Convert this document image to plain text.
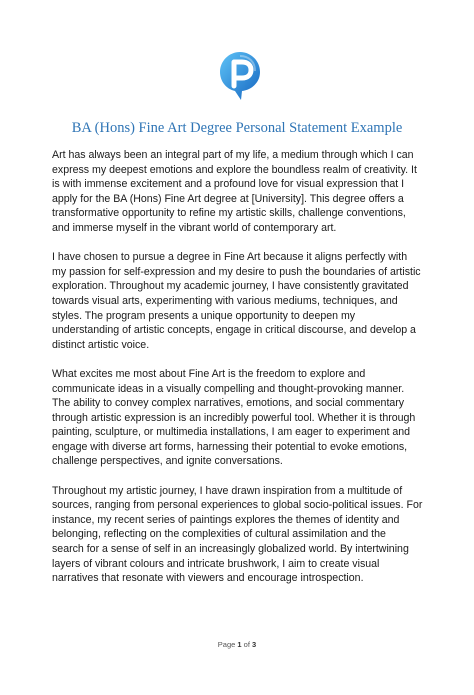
BA (Hons) Fine Art Degree Personal Statement Example
Art has always been an integral part of my life, a medium through which I can
express my deepest emotions and explore the boundless realm of creativity. It
is with immense excitement and a profound love for visual expression that I
apply for the BA (Hons) Fine Art degree at [University]. This degree offers a
transformative opportunity to refine my artistic skills, challenge conventions,
and immerse myself in the vibrant world of contemporary art.
I have chosen to pursue a degree in Fine Art because it aligns perfectly with
my passion for self-expression and my desire to push the boundaries of artistic
exploration. Throughout my academic journey, I have consistently gravitated
towards visual arts, experimenting with various mediums, techniques, and
styles. The program presents a unique opportunity to deepen my
understanding of artistic concepts, engage in critical discourse, and develop a
distinct artistic voice.
What excites me most about Fine Art is the freedom to explore and
communicate ideas in a visually compelling and thought-provoking manner.
The ability to convey complex narratives, emotions, and social commentary
through artistic expression is an incredibly powerful tool. Whether it is through
painting, sculpture, or multimedia installations, I am eager to experiment and
engage with diverse art forms, harnessing their potential to evoke emotions,
challenge perspectives, and ignite conversations.
Throughout my artistic journey, I have drawn inspiration from a multitude of
sources, ranging from personal experiences to global socio-political issues. For
instance, my recent series of paintings explores the themes of identity and
belonging, reflecting on the complexities of cultural assimilation and the
search for a sense of self in an increasingly globalized world. By intertwining
layers of vibrant colours and intricate brushwork, I aim to create visual
narratives that resonate with viewers and encourage introspection.
Page 1 of 3
